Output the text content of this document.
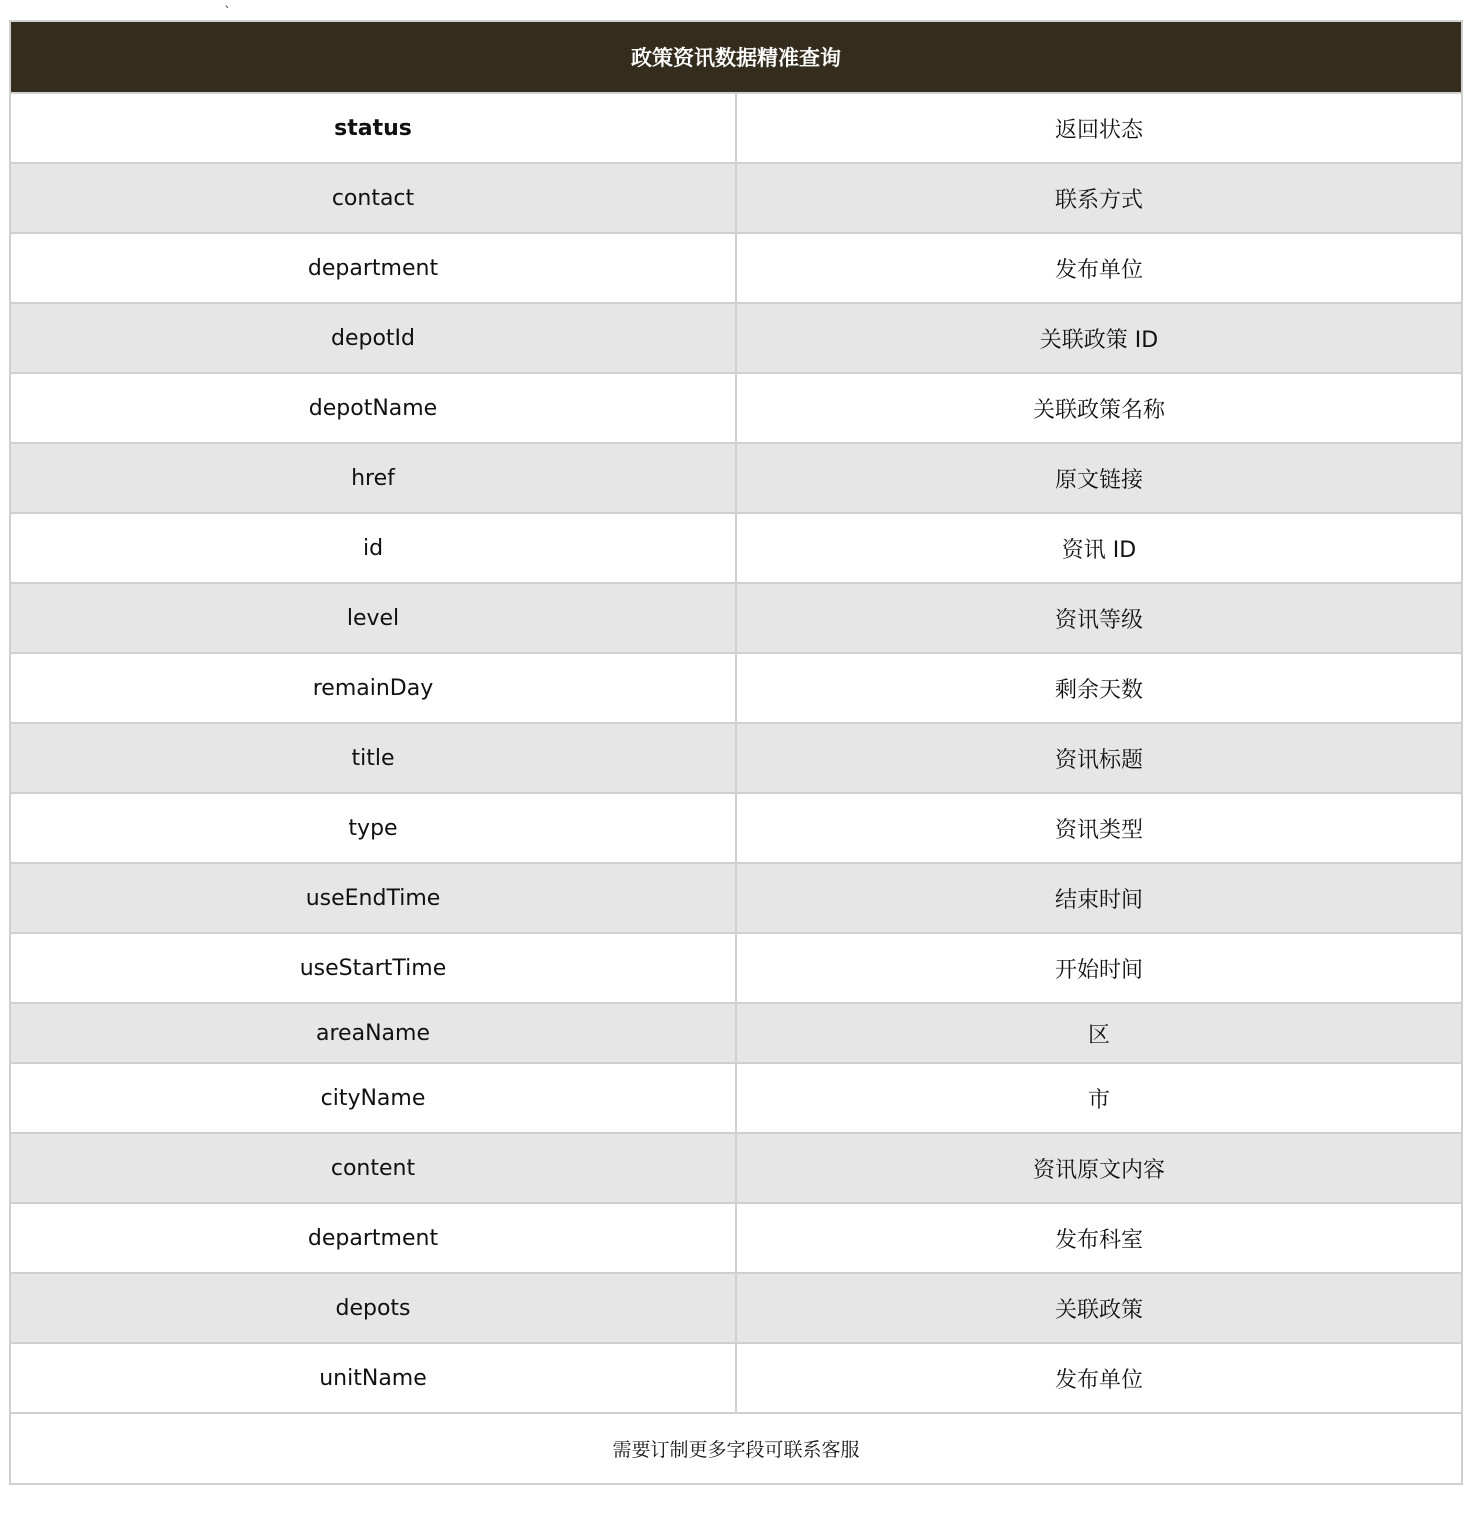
`
政策资讯数据精准查询	
status	返回状态
contact	联系方式
department	发布单位
depotId	关联政策 ID
depotName	关联政策名称
href	原文链接
id	资讯 ID
level	资讯等级
remainDay	剩余天数
title	资讯标题
type	资讯类型
useEndTime	结束时间
useStartTime	开始时间
areaName	区
cityName	市
content	资讯原文内容
department	发布科室
depots	关联政策
unitName	发布单位
需要订制更多字段可联系客服	
